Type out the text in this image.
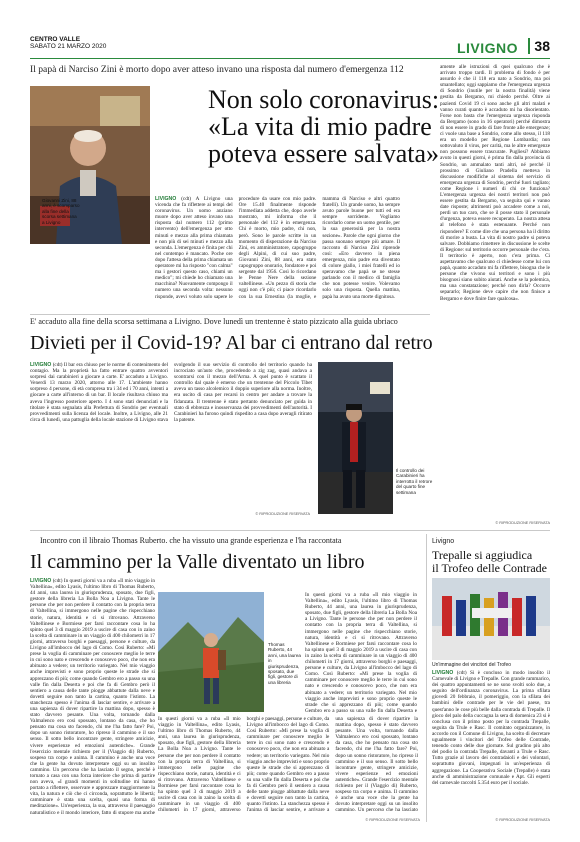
CENTRO VALLE
SABATO 21 MARZO 2020	LIVIGNO	38
Il papà di Narciso Zini è morto dopo aver atteso invano una risposta dal numero d'emergenza 112
Giovanni Zini, 88 anni, è scomparso alla fine della scorsa settimana a Livigno
Non solo coronavirus:
«La vita di mio padre
poteva essere salvata»

LIVIGNO (cdt) A Livigno una vicenda che fa riflettere ai tempi del coronavirus. Un uomo anziano muore dopo aver atteso invano una risposta dal numero 112 (primo intervento) dell'emergenza per otto minuti e mezzo alla prima chiamata e non più di sei minuti e mezzo alla seconda. L'emergenza è finita per chi nel contempo è mancato. Poche ore dopo l'attesa della prima chiamata un operatore mi ha risposto "con calma" ma i gestori questo caso, chiami un medico"; mi chiede ho chiamato una macchina? Nuovamente compongo il numero una seconda volta: nessuno risponde, avevi voluto solo sapere le procedure da usare con mio padre. Ore 15.40 finalmente risponde l'immediata addetta che, dopo averle mostrato, mi informa che il personale del 112 è in emergenza. Chi è morto, mio padre, chi non, però. Sono le parole scritte in un momento di disperazione da Narciso Zini, ex amministratore, capogruppo degli Alpini, di cui suo padre, Giovanni Zini, 88 anni, era stato capogruppo onorario, fondatore e poi sergente dal 1956. Così lo ricordano le Penne Nere della sezione valtellinese. «Un pezzo di storia che oggi non c'è più; ci piace ricordarlo con la sua Ernestina (la moglie, e mamma di Narciso e altri quattro fratelli). Un grande uomo, ha sempre avuto parole buone per tutti ed era sempre sorridente. Vogliamo ricordarlo come un uomo gentile, per la sua generosità per la nostra sezione». Parole che ogni giorno che passa suonano sempre più amare. Il racconto di Narciso Zini riprende così: «Ero davvero in piena emergenza, mio padre era diventato di colore giallo, i miei fratelli ed io speravamo che papà se ne stesse parlando con il medico di famiglia che non potesse venire. Volevamo solo una risposta. Quella mattina, papà ha avuto una morte dignitosa.

amente alle istruzioni di quei qualcuno che è arrivato troppo tardi. Il problema di fondo è per assurdo è che il 118 era nato a Sondrio, ma poi smantellato; oggi sappiamo che l'emergenza urgenza di Sondrio (inutile per la nostra finalità) viene gestita da Bergamo, mi chiedo perché. Oltre ai pazienti Covid 19 ci sono anche gli altri malati e vanno curati quanto è accaduto mi ha disorientato. Forse non basta che l'emergenza urgenza risponda da Bergamo (sono in 16 operatori) perché dimostra di non essere in grado di fare fronte alle emergenze; ci vuole una base a Sondrio, come allo stesso, il 118 era un modello per Regione Lombardia; non sottovaluto il virus, per carità, ma le altre emergenze non possono essere trascurate. Pugliesi? Abbiamo avuto in questi giorni, è prima fin dalla provincia di Sondrio, un ammalato tanti altri, né perché il prossimo di Giuliano Pradella metteva in discussione modifiche al sistema del servizio di emergenza urgenza di Sondrio, perché fuori tagliato; come Regione i numeri di chi ce funziona? L'emergenza urgenza dei nostri territori non può essere gestita da Bergamo, va seguita qui e vanno date risposte; altrimenti può accadere come a noi, perdi un tuo caro, che se il posse stato il personale d'urgenza, poteva essere recuperato. La nostra attesa al telefono è stata estenuante. Perché non rispondere? E come dire che una persona ha il diritto di morire a busta. La vita di nostro padre si poteva salvare. Dobbiamo rimettere in discussione le scelte di Regione: sul territorio occorre personale che c'era. Il territorio è aperto, non c'era prima. Ci aspettavamo che qualcuno ci chiedesse come lui con papà, quanto accaduto mi fa riflettere, bisogna che le persone che vivono sui territori e sono i più bisognosi siano subito aiutati. Anche se la polemica, ma una constatazione; perché non dirla? Occorre separarlo; Regione deve capire che non finisce a Bergamo e dove finire fare qualcosa».
© RIPRODUZIONE RISERVATA
E' accaduto alla fine della scorsa settimana a Livigno. Dove lunedì un trentenne è stato pizzicato alla guida ubriaco
Divieti per il Covid-19? Al bar ci entrano dal retro

LIVIGNO (cdt) Il bar era chiuso per le norme di contenimento del contagio. Ma la proprietà ha fatto entrare quattro avventori sorpresi dai carabinieri a giocare a carte. E' accaduto a Livigno. Venerdì 13 marzo 2020, attorno alle 17. L'ambiente hanno sorpreso 4 persone, di età compresa tra i 34 ed i 70 anni, intenti a giocare a carte all'interno di un bar. Il locale risultava chiuso ma aveva l'ingresso posteriore aperto. I 4 sono stati denunciati e la titolare è stata segnalata alla Prefettura di Sondrio per eventuali provvedimenti sulla licenza del locale. Inoltre, a Livigno, alle 21 circa di lunedì, una pattuglia della locale stazione di Livigno stava svolgendo il suo servizio di controllo del territorio quando ha incrociato un'auto che, procedendo a zig zag, quasi andava a scontrarsi con il mezzo dell'Arma. A quel punto è scattato il controllo dal quale è emerso che un trentenne del Piccolo Tibet aveva un tasso alcolemico il doppio superiore alla norma. Inoltre, era uscito di casa per recarsi in centro per andare a trovare la fidanzata. Il trentenne è stato pertanto denunciato per guida in stato di ebbrezza e inosservanza dei provvedimenti dell'autorità. I Carabinieri ha furono quindi rispedito a casa dopo averagli ritirato la patente.

© RIPRODUZIONE RISERVATA
Il controllo dei Carabinieri ha interrotto il retrore del quarto fine settimana
Incontro con il libraio Thomas Ruberto. che ha vissuto una grande esperienza e l'ha raccontata
Il cammino per la Valle diventato un libro
Thomas Ruberto, 44 anni, una laurea in giurisprudenza, sposato, due figli, gestore di una libreria

LIVIGNO (cdt) In questi giorni va a ruba «Il mio viaggio in Valtellina», edito Lyasis, l'ultimo libro di Thomas Ruberto, 44 anni, una laurea in giurisprudenza, sposato, due figli, gestore della libreria La Bolla Noa a Livigno. Tante le persone che per non perdere il contatto con la propria terra di Valtellina, si immergono nelle pagine che rispecchiano storie, natura, identità e ci si ritrovano. Attraverso Valtellinese e Bormiese per farsi raccontare cosa lo ha spinto quel 3 di maggio 2019 a uscire di casa con in zaino la scelta di camminare in un viaggio di 400 chilometri in 17 giorni, attraverso borghi e paesaggi, persone e culture, da Livigno all'imbocco del lago di Como. Così Ruberto: «Mi prese la voglia di camminare per conoscere meglio le terre in cui sono nato e crescendo e conoscevo poco, che non era abituato a vedere; un territorio variegato. Nel mio viaggio anche imprevisti e sono proprio queste le strade che si apprezzano di più; come quando Gembro ero a passo su una valle fin dalla Deserta e poi che fa di Gembro però il sentiero a causa delle tante piogge abbattute dalla neve e dovetti seguire non tanto la cartina, quanto l'istinto. La stanchezza spesso è l'anima di lasciar sentire, e arrivare a una sapienza di dover ripartire la mattina dopo, spesso è stato davvero pesante. Una volta, tornando dalla Valmalenco ero così spossato, lontano da casa, che ho pensato ma cosa sto facendo, chi me l'ha fatto fare? Poi, dopo un sonno ristoratore, ho ripreso il cammino e il suo senso. Il sotto bello incontrare gente, stringere amicizie, vivere esperienze ed emozioni autentiche». Grande l'esercizio mentale richiesto per il (Viaggio di) Ruberto, sospeso tra corpo e anima. Il cammino è anche una voce che la gente ha dovuto interpretare oggi su un insolito cammino. Un percorso che ha lasciato il segno, perché è tornato a casa con una forza interiore che prima di partire non aveva, «I grandi momenti in solitudine mi hanno portato a riflettere, osservare e apprezzare maggiormente la vita, la natura e ciò che ci circonda, soprattutto le libertà; camminare è stata una scelta, quasi una forma di meditazione». Un'esperienza, la sua, attraverso il paesaggio naturalistico e il mondo interiore, fatto di stupore ma anche

In questi giorni va a ruba «Il mio viaggio in Valtellina», edito Lyasis, l'ultimo libro di Thomas Ruberto, 44 anni, una laurea in giurisprudenza, sposato, due figli, gestore della libreria La Bolla Noa a Livigno. Tante le persone che per non perdere il contatto con la propria terra di Valtellina, si immergono nelle pagine che rispecchiano storie, natura, identità e ci si ritrovano. Attraverso Valtellinese e Bormiese per farsi raccontare cosa lo ha spinto quel 3 di maggio 2019 a uscire di casa con in zaino la scelta di camminare in un viaggio di 400 chilometri in 17 giorni, attraverso borghi e paesaggi, persone e culture, da Livigno all'imbocco del lago di Como. Così Ruberto: «Mi prese la voglia di camminare per conoscere meglio le terre in cui sono nato e crescendo e conoscevo poco, che non era abituato a vedere; un territorio variegato. Nel mio viaggio anche imprevisti e sono proprio queste le strade che si apprezzano di più; come quando Gembro ero a passo su una valle fin dalla Deserta e poi che fa di Gembro però il sentiero a causa delle tante piogge abbattute dalla neve e dovetti seguire non tanto la cartina, quanto l'istinto. La stanchezza spesso è l'anima di lasciar sentire, e arrivare a una sapienza di dover ripartire la mattina dopo, spesso è stato davvero pesante. Una volta, tornando dalla Valmalenco ero così spossato, lontano da casa, che ho pensato ma cosa sto facendo, chi me l'ha fatto fare? Poi, dopo un sonno ristoratore, ho ripreso il cammino e il suo senso. Il sotto bello incontrare gente, stringere amicizie, vivere esperienze ed emozioni autentiche». Grande l'esercizio mentale richiesto per il (Viaggio di) Ruberto, sospeso tra corpo e anima. Il cammino è anche una voce che la gente ha dovuto interpretare oggi su un insolito cammino. Un percorso che ha lasciato
In questi giorni va a ruba «Il mio viaggio in Valtellina», edito Lyasis, l'ultimo libro di Thomas Ruberto, 44 anni, una laurea in giurisprudenza, sposato, due figli, gestore della libreria La Bolla Noa a Livigno. Tante le persone che per non perdere il contatto con la propria terra di Valtellina, si immergono nelle pagine che rispecchiano storie, natura, identità e ci si ritrovano. Attraverso Valtellinese e Bormiese per farsi raccontare cosa lo ha spinto quel 3 di maggio 2019 a uscire di casa con in zaino la scelta di camminare in un viaggio di 400 chilometri in 17 giorni, attraverso borghi e paesaggi, persone e culture, da Livigno all'imbocco del lago di Como. Così Ruberto: «Mi prese la voglia di camminare per conoscere meglio le terre in cui sono nato e crescendo e conoscevo poco, che non era abituato a vedere; un territorio variegato. Nel mio viaggio anche imprevisti e sono proprio queste le strade che si apprezzano di più; come quando Gembro ero a passo su una valle fin dalla Deserta e
© RIPRODUZIONE RISERVATA
Livigno
Trepalle si aggiudica
il Trofeo delle Contrade
Un'immagine dei vincitori del Trofeo

LIVIGNO (cdt) Si è concluso in modo insolito il Carnevale di Livigno e Trepalle. Con grande rammarico, dei quattro appuntamenti se ne sono svolti solo due, a seguito dell'ordinanza coronavirus. La prima sfilata giovedì 20 febbraio, il pomeriggio, con la sfilata dei bambini delle contrade per le vie del paese, tra quest'anno le cose più belle dalla contrada di Trepalle. Il gioco del palo della cuccagna la sera di domenica 23 si è conclusa con il primo posto per la contrada Trepalle, seguita da Trule e Rasc. Il comitato organizzatore, in accordo con il Comune di Livigno, ha scelto di decretare ugualmente i vincitori del Trofeo delle Contrade, tenendo conto delle due giornate. Sul gradino più alto del podio la contrada Trepalle, davanti a Trule e Rasc. Tutto grazie al lavoro dei contradaioli e dei volontari, soprattutto giovani, impegnati in un'esperienza di aggregazione. La Cooperativa Sociale (Trepalle) è stata anche di amministrazione comunale e Apt. Gli esperti del carnevale raccolti 5.354 euro per il sociale.

© RIPRODUZIONE RISERVATA
